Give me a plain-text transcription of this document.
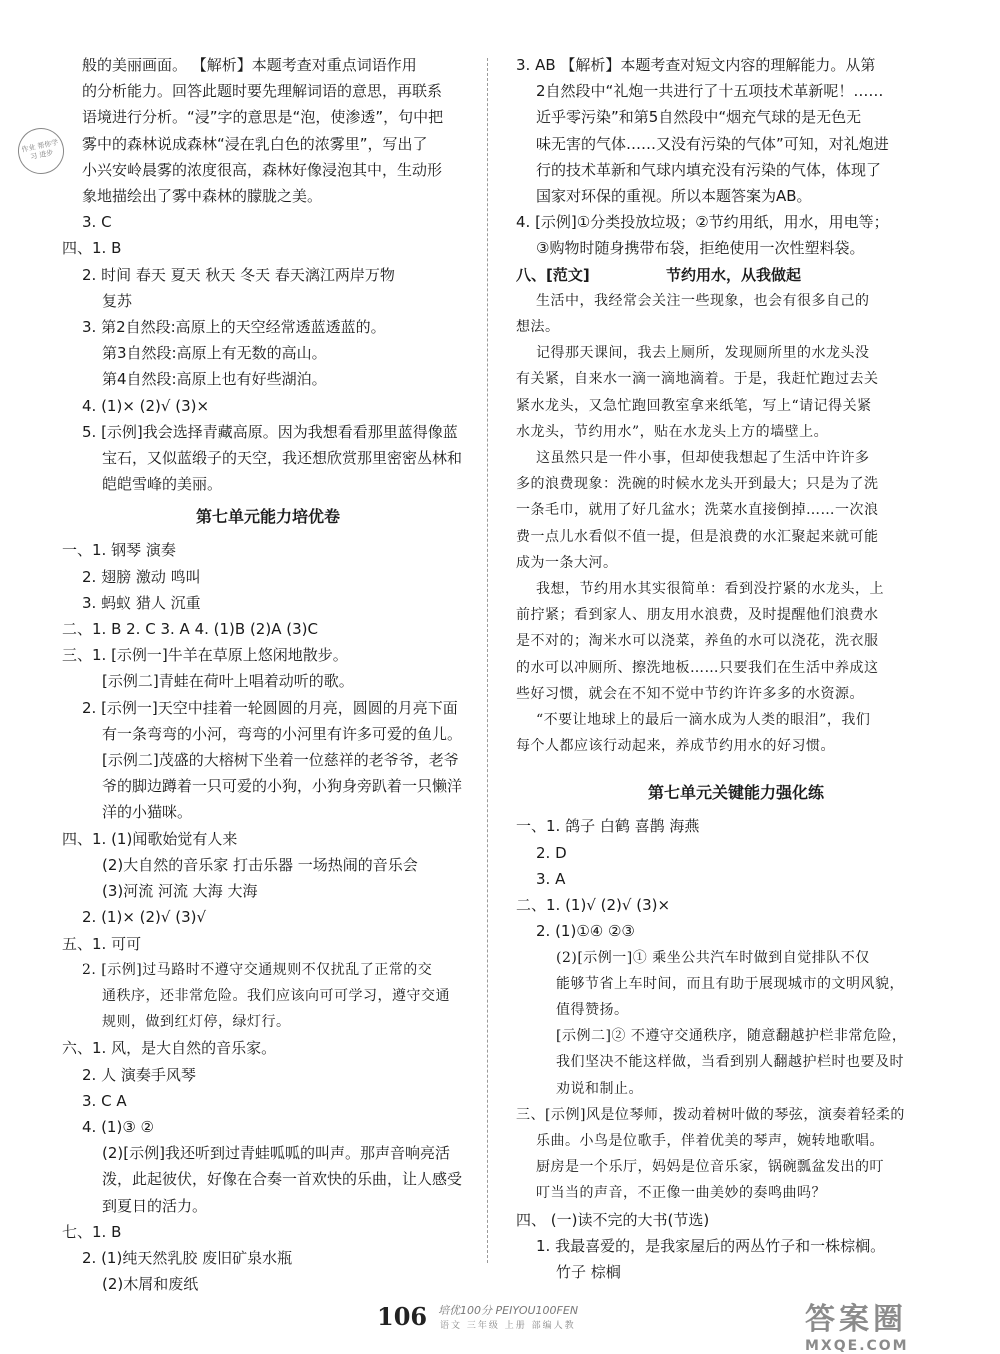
般的美丽画面。 【解析】本题考查对重点词语作用
的分析能力。回答此题时要先理解词语的意思，再联系
语境进行分析。“浸”字的意思是“泡，使渗透”，句中把
雾中的森林说成森林“浸在乳白色的浓雾里”，写出了
小兴安岭晨雾的浓度很高，森林好像浸泡其中，生动形
象地描绘出了雾中森林的朦胧之美。
3. C
四、1. B
2. 时间 春天 夏天 秋天 冬天 春天漓江两岸万物
复苏
3. 第2自然段:高原上的天空经常透蓝透蓝的。
第3自然段:高原上有无数的高山。
第4自然段:高原上也有好些湖泊。
4. (1)× (2)√ (3)×
5. [示例]我会选择青藏高原。因为我想看看那里蓝得像蓝
宝石，又似蓝缎子的天空，我还想欣赏那里密密丛林和
皑皑雪峰的美丽。
第七单元能力培优卷
一、1. 钢琴 演奏
2. 翅膀 激动 鸣叫
3. 蚂蚁 猎人 沉重
二、1. B 2. C 3. A 4. (1)B (2)A (3)C
三、1. [示例一]牛羊在草原上悠闲地散步。
[示例二]青蛙在荷叶上唱着动听的歌。
2. [示例一]天空中挂着一轮圆圆的月亮，圆圆的月亮下面
有一条弯弯的小河，弯弯的小河里有许多可爱的鱼儿。
[示例二]茂盛的大榕树下坐着一位慈祥的老爷爷，老爷
爷的脚边蹲着一只可爱的小狗，小狗身旁趴着一只懒洋
洋的小猫咪。
四、1. (1)闻歌始觉有人来
(2)大自然的音乐家 打击乐器 一场热闹的音乐会
(3)河流 河流 大海 大海
2. (1)× (2)√ (3)√
五、1. 可可
2. [示例]过马路时不遵守交通规则不仅扰乱了正常的交
通秩序，还非常危险。我们应该向可可学习，遵守交通
规则，做到红灯停，绿灯行。
六、1. 风，是大自然的音乐家。
2. 人 演奏手风琴
3. C A
4. (1)③ ②
(2)[示例]我还听到过青蛙呱呱的叫声。那声音响亮活
泼，此起彼伏，好像在合奏一首欢快的乐曲，让人感受
到夏日的活力。
七、1. B
2. (1)纯天然乳胶 废旧矿泉水瓶
(2)木屑和废纸
3. AB 【解析】本题考查对短文内容的理解能力。从第
2自然段中“礼炮一共进行了十五项技术革新呢！……
近乎零污染”和第5自然段中“烟充气球的是无色无
味无害的气体……又没有污染的气体”可知，对礼炮进
行的技术革新和气球内填充没有污染的气体，体现了
国家对环保的重视。所以本题答案为AB。
4. [示例]①分类投放垃圾；②节约用纸，用水，用电等；
③购物时随身携带布袋，拒绝使用一次性塑料袋。
八、[范文]	节约用水，从我做起
生活中，我经常会关注一些现象，也会有很多自己的
想法。
记得那天课间，我去上厕所，发现厕所里的水龙头没
有关紧，自来水一滴一滴地滴着。于是，我赶忙跑过去关
紧水龙头，又急忙跑回教室拿来纸笔，写上“请记得关紧
水龙头，节约用水”，贴在水龙头上方的墙壁上。
这虽然只是一件小事，但却使我想起了生活中许许多
多的浪费现象：洗碗的时候水龙头开到最大；只是为了洗
一条毛巾，就用了好几盆水；洗菜水直接倒掉……一次浪
费一点儿水看似不值一提，但是浪费的水汇聚起来就可能
成为一条大河。
我想，节约用水其实很简单：看到没拧紧的水龙头，上
前拧紧；看到家人、朋友用水浪费，及时提醒他们浪费水
是不对的；淘米水可以浇菜，养鱼的水可以浇花，洗衣服
的水可以冲厕所、擦洗地板……只要我们在生活中养成这
些好习惯，就会在不知不觉中节约许许多多的水资源。
“不要让地球上的最后一滴水成为人类的眼泪”，我们
每个人都应该行动起来，养成节约用水的好习惯。
第七单元关键能力强化练
一、1. 鸽子 白鹤 喜鹊 海燕
2. D
3. A
二、1. (1)√ (2)√ (3)×
2. (1)①④ ②③
(2)[示例一]① 乘坐公共汽车时做到自觉排队不仅
能够节省上车时间，而且有助于展现城市的文明风貌，
值得赞扬。
[示例二]② 不遵守交通秩序，随意翻越护栏非常危险，
我们坚决不能这样做，当看到别人翻越护栏时也要及时
劝说和制止。
三、[示例]风是位琴师，拨动着树叶做的琴弦，演奏着轻柔的
乐曲。小鸟是位歌手，伴着优美的琴声，婉转地歌唱。
厨房是一个乐厅，妈妈是位音乐家，锅碗瓢盆发出的叮
叮当当的声音，不正像一曲美妙的奏鸣曲吗？
四、 (一)读不完的大书(节选)
1. 我最喜爱的，是我家屋后的两丛竹子和一株棕榈。
竹子 棕榈
作业 帮你学习 进步
106 培优100分 PEIYOU100FEN
语文 三年级 上册 部编人教	答案圈
MXQE.COM
